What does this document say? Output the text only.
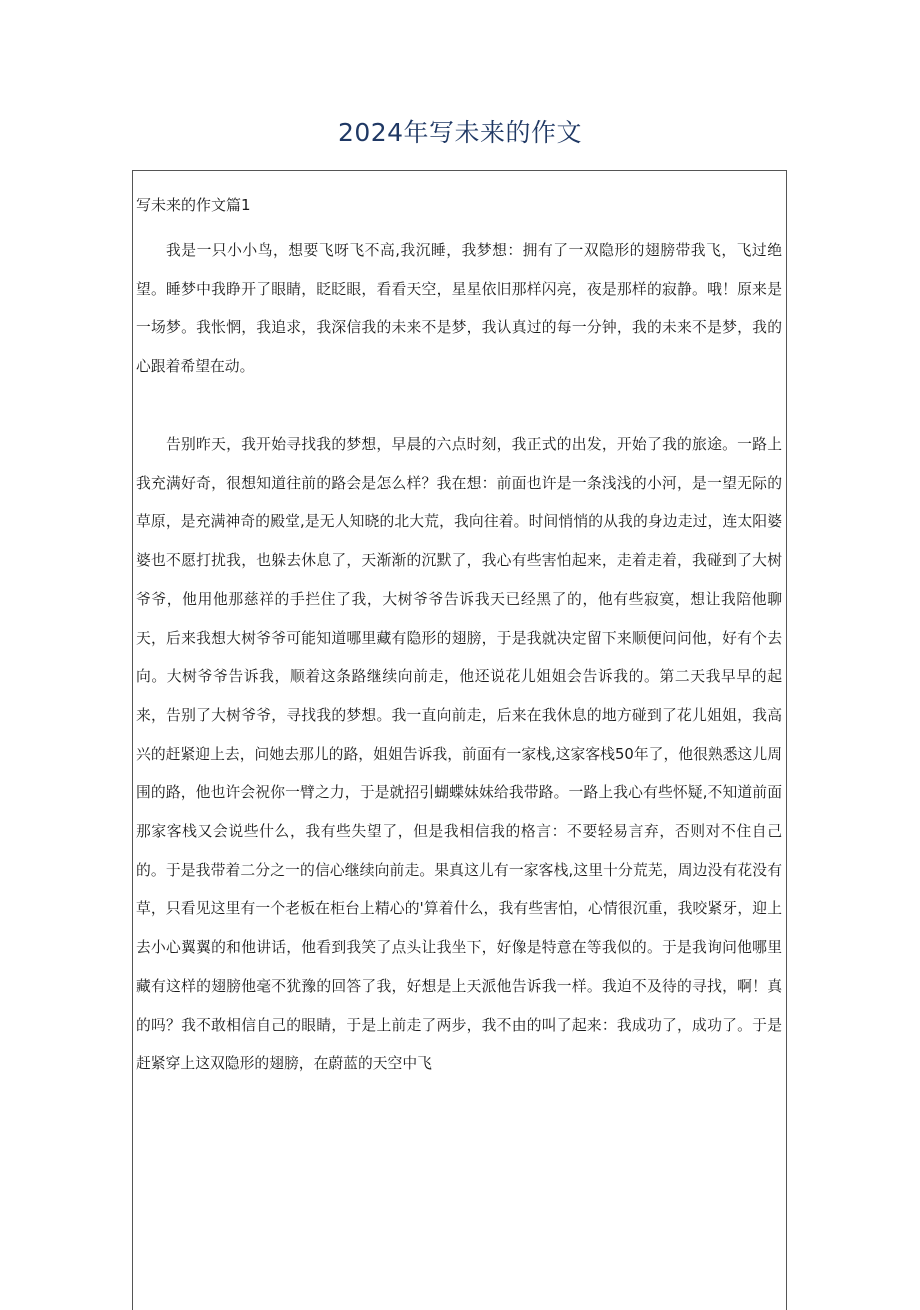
2024年写未来的作文
写未来的作文篇1

我是一只小小鸟，想要飞呀飞不高,我沉睡，我梦想：拥有了一双隐形的翅膀带我飞，飞过绝望。睡梦中我睁开了眼睛，眨眨眼，看看天空，星星依旧那样闪亮，夜是那样的寂静。哦！原来是一场梦。我怅惘，我追求，我深信我的未来不是梦，我认真过的每一分钟，我的未来不是梦，我的心跟着希望在动。

告别昨天，我开始寻找我的梦想，早晨的六点时刻，我正式的出发，开始了我的旅途。一路上我充满好奇，很想知道往前的路会是怎么样？我在想：前面也许是一条浅浅的小河，是一望无际的草原，是充满神奇的殿堂,是无人知晓的北大荒，我向往着。时间悄悄的从我的身边走过，连太阳婆婆也不愿打扰我，也躲去休息了，天渐渐的沉默了，我心有些害怕起来，走着走着，我碰到了大树爷爷，他用他那慈祥的手拦住了我，大树爷爷告诉我天已经黑了的，他有些寂寞，想让我陪他聊天，后来我想大树爷爷可能知道哪里藏有隐形的翅膀，于是我就决定留下来顺便问问他，好有个去向。大树爷爷告诉我，顺着这条路继续向前走，他还说花儿姐姐会告诉我的。第二天我早早的起来，告别了大树爷爷，寻找我的梦想。我一直向前走，后来在我休息的地方碰到了花儿姐姐，我高兴的赶紧迎上去，问她去那儿的路，姐姐告诉我，前面有一家栈,这家客栈50年了，他很熟悉这儿周围的路，他也许会祝你一臂之力，于是就招引蝴蝶妹妹给我带路。一路上我心有些怀疑,不知道前面那家客栈又会说些什么，我有些失望了，但是我相信我的格言：不要轻易言弃，否则对不住自己的。于是我带着二分之一的信心继续向前走。果真这儿有一家客栈,这里十分荒芜，周边没有花没有草，只看见这里有一个老板在柜台上精心的'算着什么，我有些害怕，心情很沉重，我咬紧牙，迎上去小心翼翼的和他讲话，他看到我笑了点头让我坐下，好像是特意在等我似的。于是我询问他哪里藏有这样的翅膀他毫不犹豫的回答了我，好想是上天派他告诉我一样。我迫不及待的寻找，啊！真的吗？我不敢相信自己的眼睛，于是上前走了两步，我不由的叫了起来：我成功了，成功了。于是赶紧穿上这双隐形的翅膀，在蔚蓝的天空中飞
